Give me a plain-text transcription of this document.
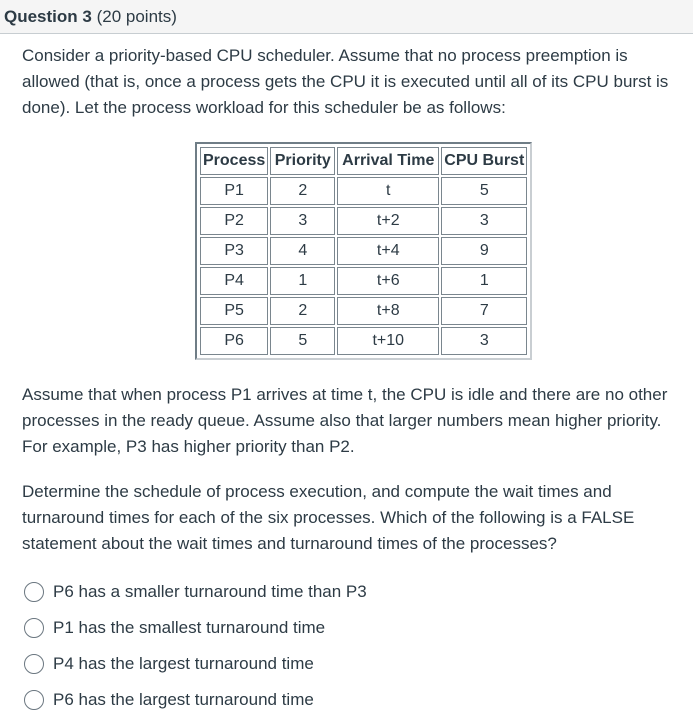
Question 3 (20 points)

Consider a priority-based CPU scheduler. Assume that no process preemption is allowed (that is, once a process gets the CPU it is executed until all of its CPU burst is done). Let the process workload for this scheduler be as follows:

Process	Priority	Arrival Time	CPU Burst
P1	2	t	5
P2	3	t+2	3
P3	4	t+4	9
P4	1	t+6	1
P5	2	t+8	7
P6	5	t+10	3

Assume that when process P1 arrives at time t, the CPU is idle and there are no other processes in the ready queue. Assume also that larger numbers mean higher priority. For example, P3 has higher priority than P2.

Determine the schedule of process execution, and compute the wait times and turnaround times for each of the six processes. Which of the following is a FALSE statement about the wait times and turnaround times of the processes?

P6 has a smaller turnaround time than P3
P1 has the smallest turnaround time
P4 has the largest turnaround time
P6 has the largest turnaround time
